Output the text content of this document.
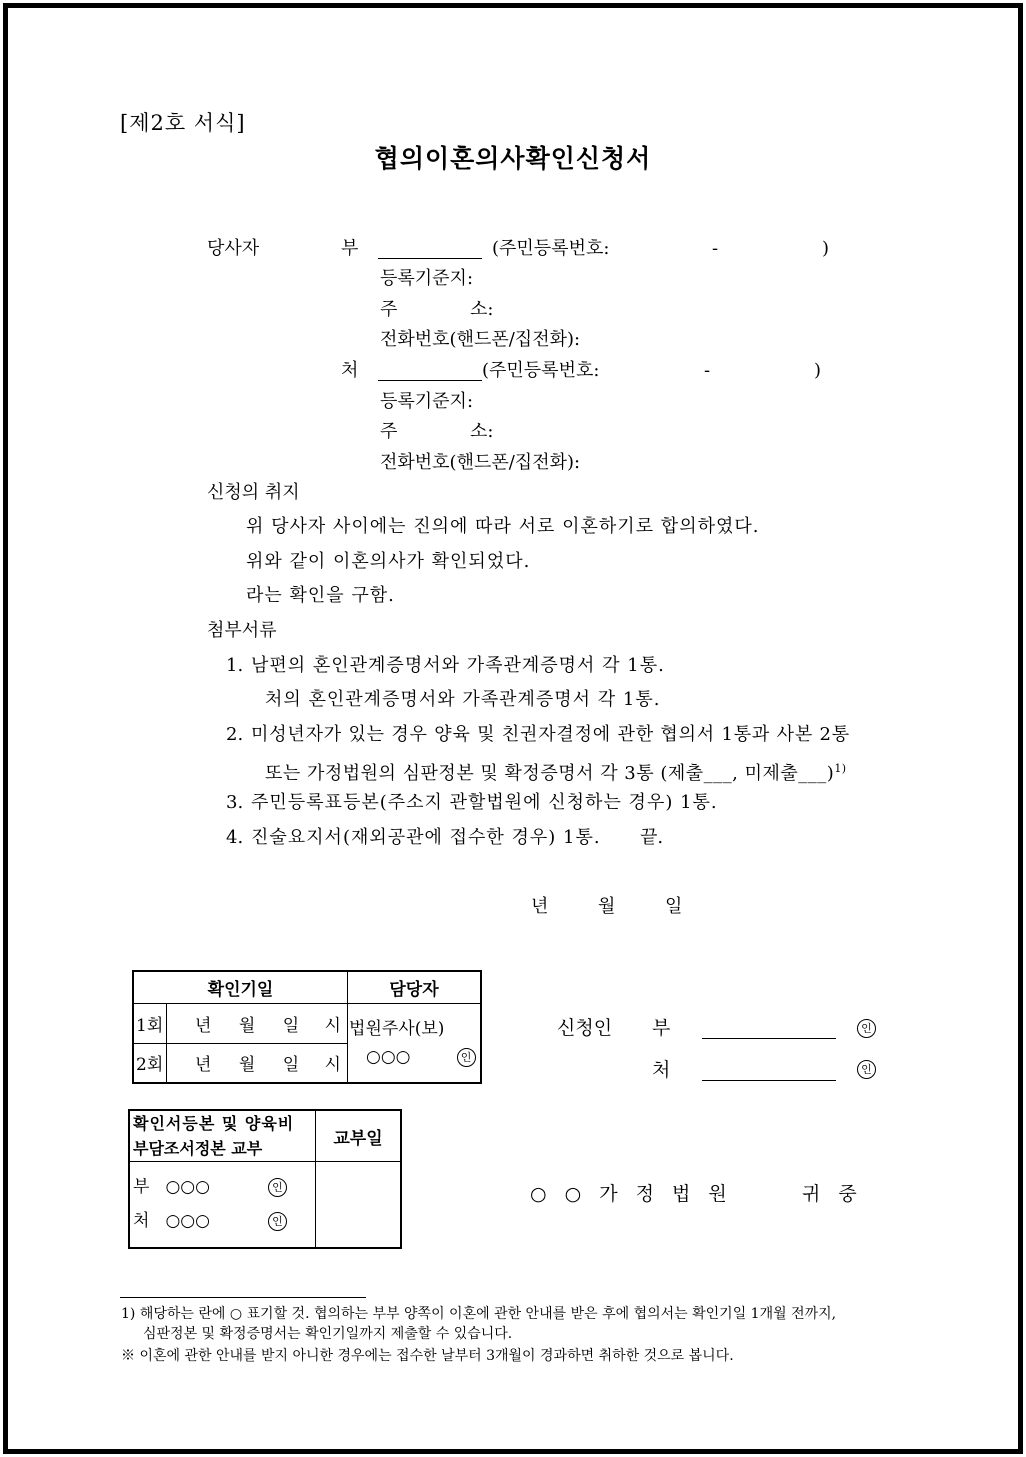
[제2호 서식]
협의이혼의사확인신청서
당사자	부	(주민등록번호:	-	)
등록기준지:
주	소:
전화번호(핸드폰/집전화):
처	(주민등록번호:	-	)
등록기준지:
주	소:
전화번호(핸드폰/집전화):
신청의 취지
위 당사자 사이에는 진의에 따라 서로 이혼하기로 합의하였다.
위와 같이 이혼의사가 확인되었다.
라는 확인을 구함.
첨부서류
1. 남편의 혼인관계증명서와 가족관계증명서 각 1통.
처의 혼인관계증명서와 가족관계증명서 각 1통.
2. 미성년자가 있는 경우 양육 및 친권자결정에 관한 협의서 1통과 사본 2통
또는 가정법원의 심판정본 및 확정증명서 각 3통 (제출___, 미제출___)$^{1)}$
3. 주민등록표등본(주소지 관할법원에 신청하는 경우) 1통.
4. 진술요지서(재외공관에 접수한 경우) 1통. 끝.
년	월	일
확인기일		담당자
1회	년 월 일 시	법원주사(보)
○○○ 인

2회	년 월 일 시	
확인서등본 및 양육비
부담조서정본 교부	교부일

부 ○○○ 인
처 ○○○ 인	

신청인 부	인
처	인
○ ○ 가 정 법 원	귀 중
1) 해당하는 란에 ○ 표기할 것. 협의하는 부부 양쪽이 이혼에 관한 안내를 받은 후에 협의서는 확인기일 1개월 전까지,
심판정본 및 확정증명서는 확인기일까지 제출할 수 있습니다.
※ 이혼에 관한 안내를 받지 아니한 경우에는 접수한 날부터 3개월이 경과하면 취하한 것으로 봅니다.
